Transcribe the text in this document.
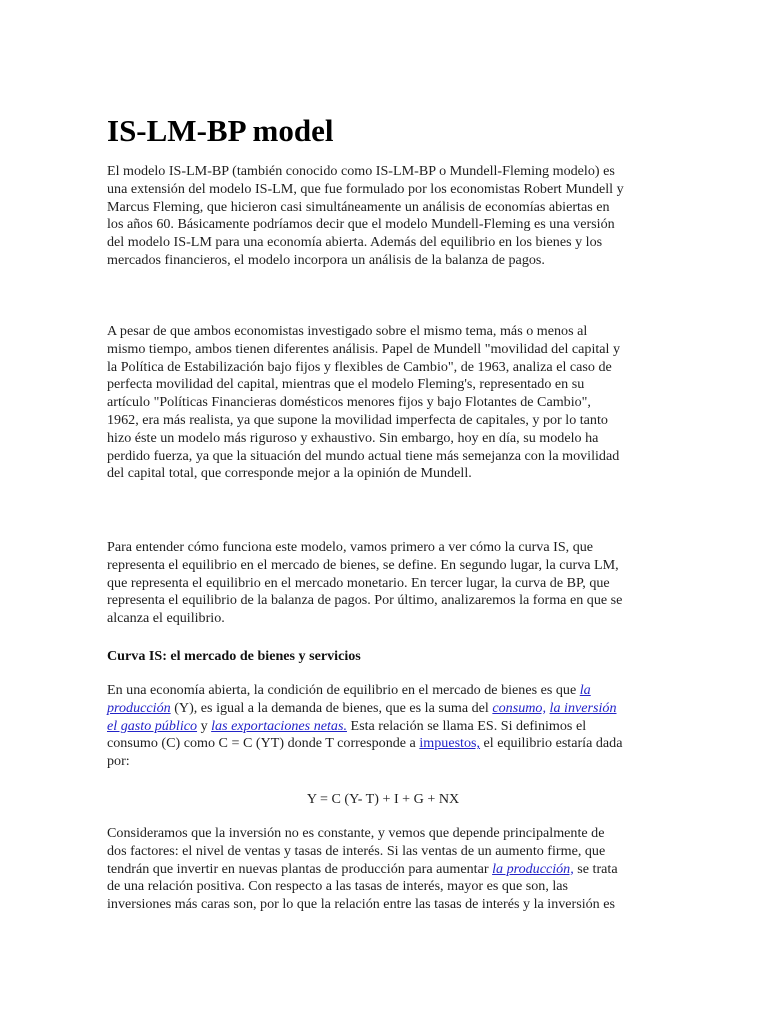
IS-LM-BP model

El modelo IS-LM-BP (también conocido como IS-LM-BP o Mundell-Fleming modelo) es
una extensión del modelo IS-LM, que fue formulado por los economistas Robert Mundell y
Marcus Fleming, que hicieron casi simultáneamente un análisis de economías abiertas en
los años 60. Básicamente podríamos decir que el modelo Mundell-Fleming es una versión
del modelo IS-LM para una economía abierta. Además del equilibrio en los bienes y los
mercados financieros, el modelo incorpora un análisis de la balanza de pagos.

A pesar de que ambos economistas investigado sobre el mismo tema, más o menos al
mismo tiempo, ambos tienen diferentes análisis. Papel de Mundell "movilidad del capital y
la Política de Estabilización bajo fijos y flexibles de Cambio", de 1963, analiza el caso de
perfecta movilidad del capital, mientras que el modelo Fleming's, representado en su
artículo "Políticas Financieras domésticos menores fijos y bajo Flotantes de Cambio",
1962, era más realista, ya que supone la movilidad imperfecta de capitales, y por lo tanto
hizo éste un modelo más riguroso y exhaustivo. Sin embargo, hoy en día, su modelo ha
perdido fuerza, ya que la situación del mundo actual tiene más semejanza con la movilidad
del capital total, que corresponde mejor a la opinión de Mundell.

Para entender cómo funciona este modelo, vamos primero a ver cómo la curva IS, que
representa el equilibrio en el mercado de bienes, se define. En segundo lugar, la curva LM,
que representa el equilibrio en el mercado monetario. En tercer lugar, la curva de BP, que
representa el equilibrio de la balanza de pagos. Por último, analizaremos la forma en que se
alcanza el equilibrio.

Curva IS: el mercado de bienes y servicios

En una economía abierta, la condición de equilibrio en el mercado de bienes es que la
producción (Y), es igual a la demanda de bienes, que es la suma del consumo, la inversión
el gasto público y las exportaciones netas. Esta relación se llama ES. Si definimos el
consumo (C) como C = C (YT) donde T corresponde a impuestos, el equilibrio estaría dada
por:

Y = C (Y- T) + I + G + NX

Consideramos que la inversión no es constante, y vemos que depende principalmente de
dos factores: el nivel de ventas y tasas de interés. Si las ventas de un aumento firme, que
tendrán que invertir en nuevas plantas de producción para aumentar la producción, se trata
de una relación positiva. Con respecto a las tasas de interés, mayor es que son, las
inversiones más caras son, por lo que la relación entre las tasas de interés y la inversión es
